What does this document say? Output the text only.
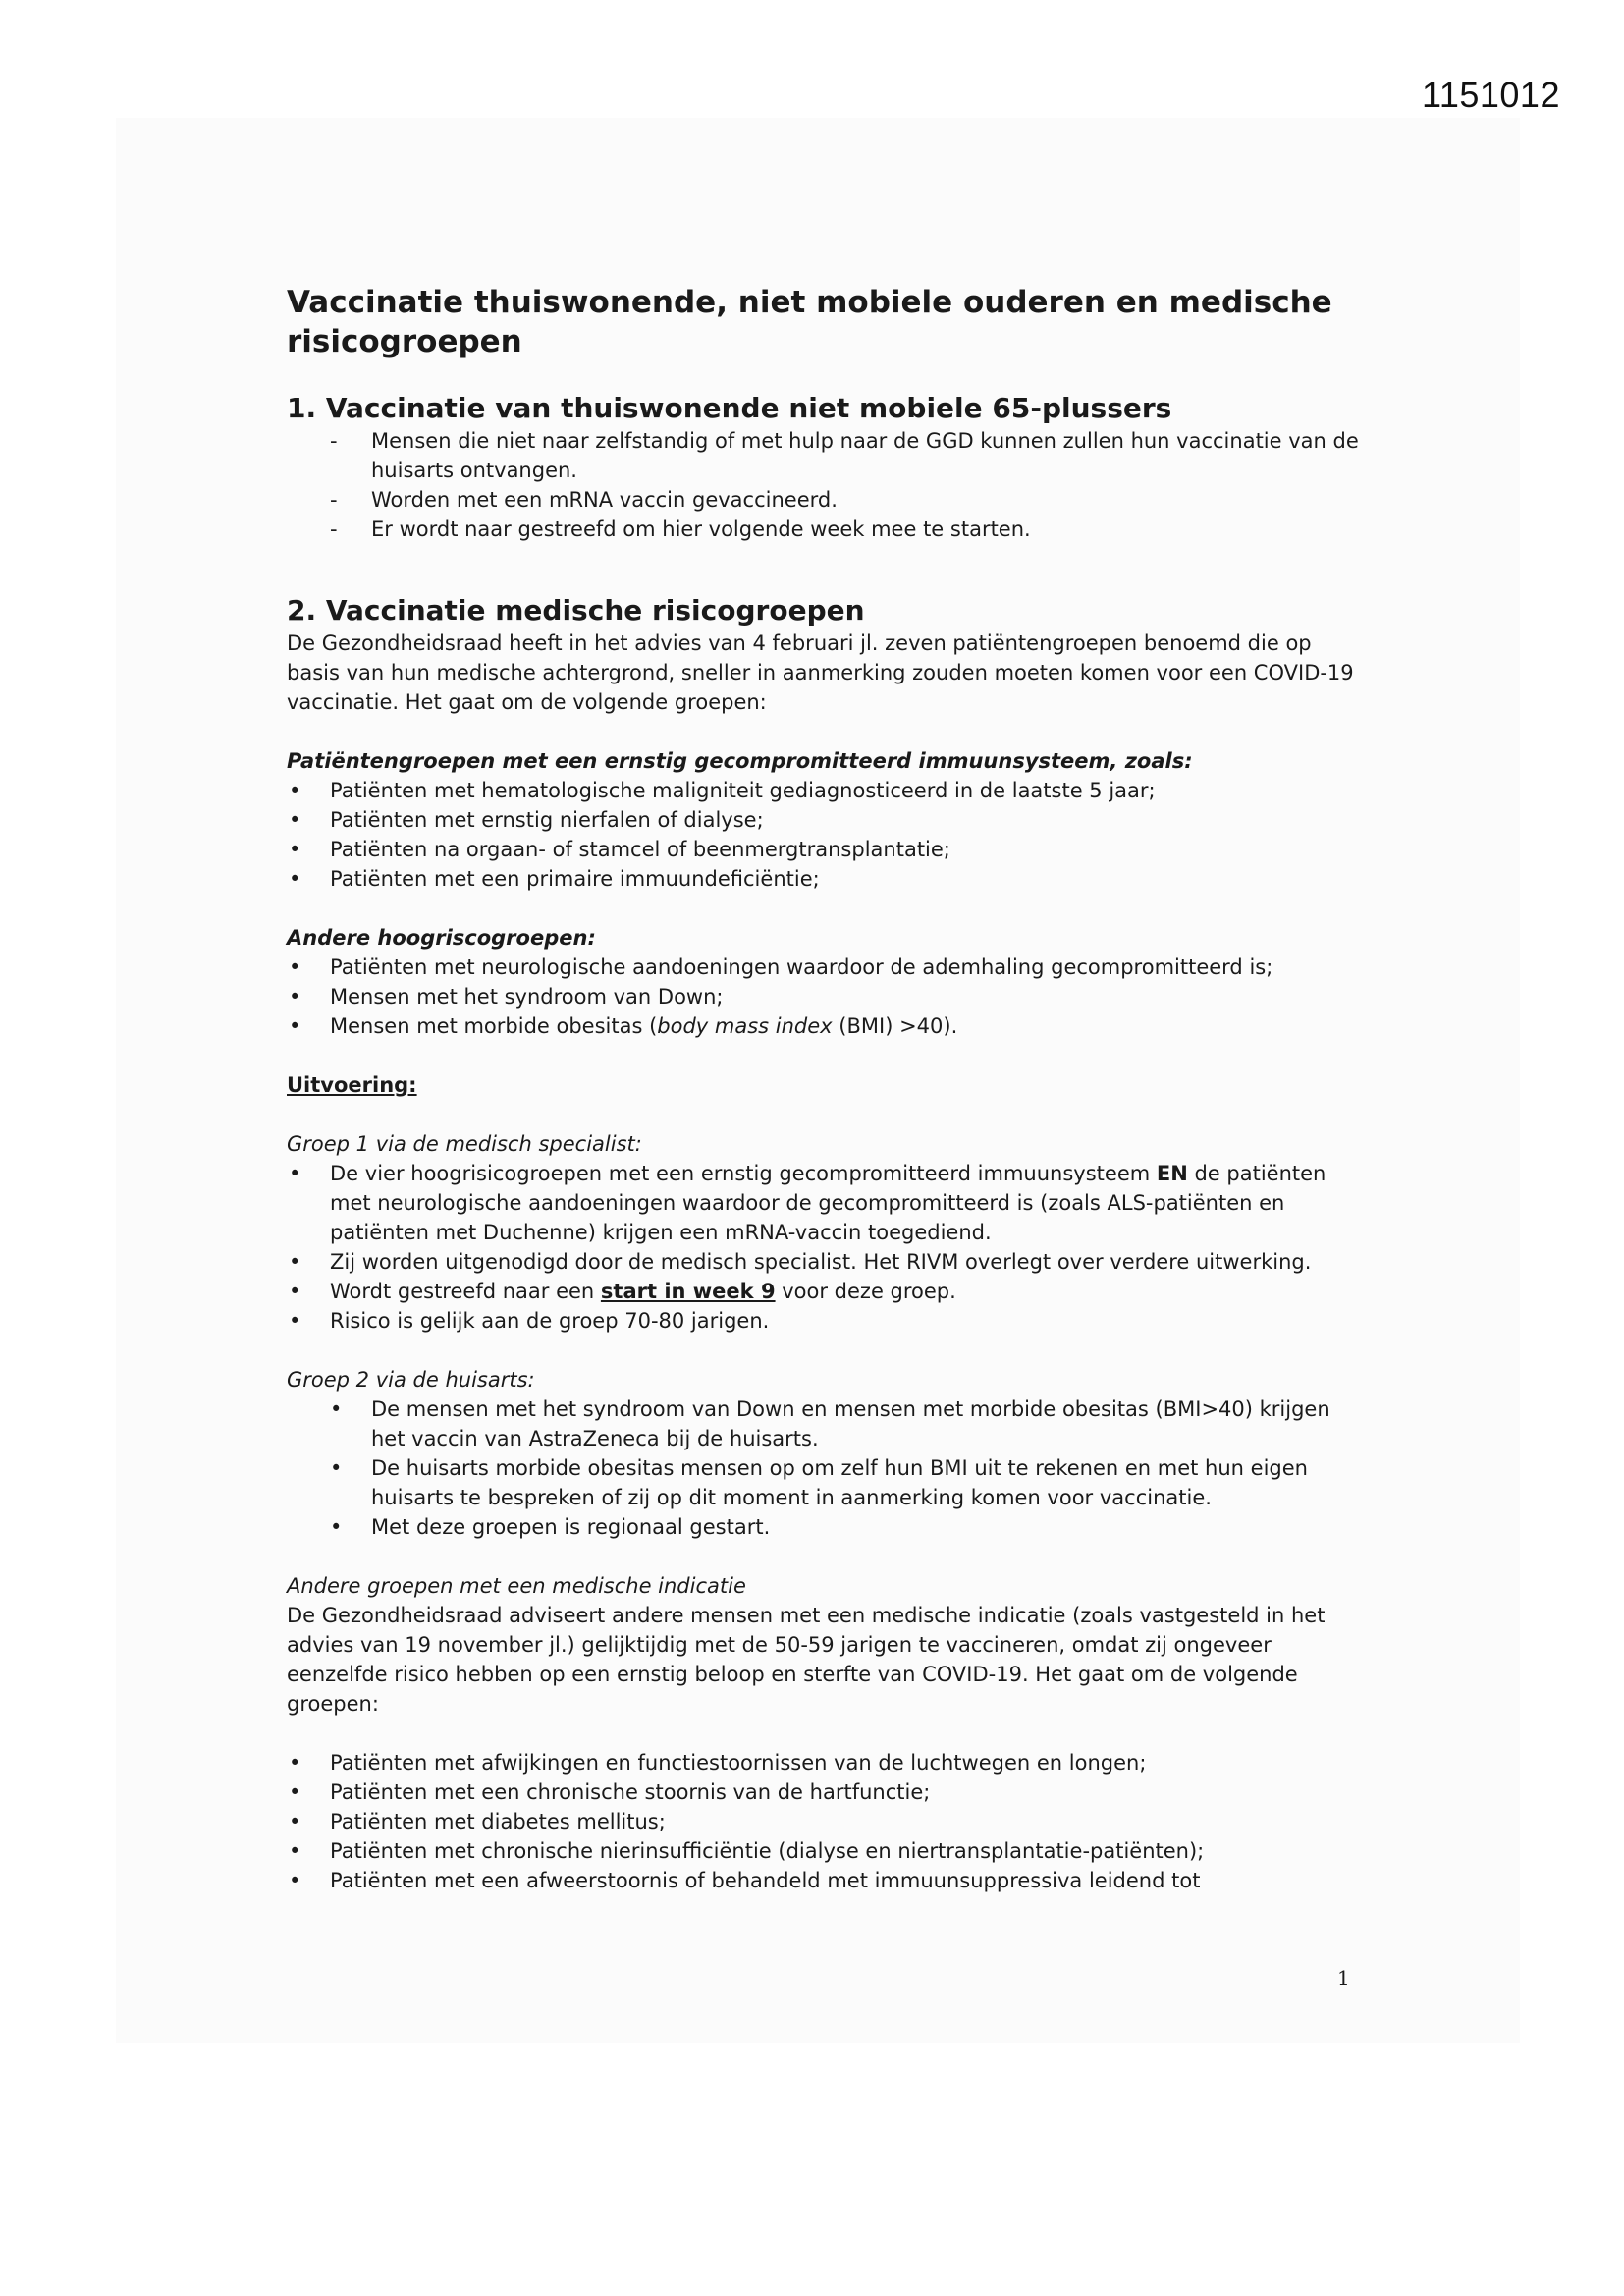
1151012
Vaccinatie thuiswonende, niet mobiele ouderen en medische risicogroepen
1. Vaccinatie van thuiswonende niet mobiele 65-plussers
- Mensen die niet naar zelfstandig of met hulp naar de GGD kunnen zullen hun vaccinatie van de huisarts ontvangen.
- Worden met een mRNA vaccin gevaccineerd.
- Er wordt naar gestreefd om hier volgende week mee te starten.
2. Vaccinatie medische risicogroepen

De Gezondheidsraad heeft in het advies van 4 februari jl. zeven patiëntengroepen benoemd die op basis van hun medische achtergrond, sneller in aanmerking zouden moeten komen voor een COVID-19 vaccinatie. Het gaat om de volgende groepen:

Patiëntengroepen met een ernstig gecompromitteerd immuunsysteem, zoals:

• Patiënten met hematologische maligniteit gediagnosticeerd in de laatste 5 jaar;
• Patiënten met ernstig nierfalen of dialyse;
• Patiënten na orgaan- of stamcel of beenmergtransplantatie;
• Patiënten met een primaire immuundeficiëntie;

Andere hoogriscogroepen:

• Patiënten met neurologische aandoeningen waardoor de ademhaling gecompromitteerd is;
• Mensen met het syndroom van Down;
• Mensen met morbide obesitas (body mass index (BMI) >40).

Uitvoering:

Groep 1 via de medisch specialist:

• De vier hoogrisicogroepen met een ernstig gecompromitteerd immuunsysteem EN de patiënten met neurologische aandoeningen waardoor de gecompromitteerd is (zoals ALS-patiënten en patiënten met Duchenne) krijgen een mRNA-vaccin toegediend.
• Zij worden uitgenodigd door de medisch specialist. Het RIVM overlegt over verdere uitwerking.
• Wordt gestreefd naar een start in week 9 voor deze groep.
• Risico is gelijk aan de groep 70-80 jarigen.

Groep 2 via de huisarts:

• De mensen met het syndroom van Down en mensen met morbide obesitas (BMI>40) krijgen het vaccin van AstraZeneca bij de huisarts.
• De huisarts morbide obesitas mensen op om zelf hun BMI uit te rekenen en met hun eigen huisarts te bespreken of zij op dit moment in aanmerking komen voor vaccinatie.
• Met deze groepen is regionaal gestart.

Andere groepen met een medische indicatie

De Gezondheidsraad adviseert andere mensen met een medische indicatie (zoals vastgesteld in het advies van 19 november jl.) gelijktijdig met de 50-59 jarigen te vaccineren, omdat zij ongeveer eenzelfde risico hebben op een ernstig beloop en sterfte van COVID-19. Het gaat om de volgende groepen:

• Patiënten met afwijkingen en functiestoornissen van de luchtwegen en longen;
• Patiënten met een chronische stoornis van de hartfunctie;
• Patiënten met diabetes mellitus;
• Patiënten met chronische nierinsufficiëntie (dialyse en niertransplantatie-patiënten);
• Patiënten met een afweerstoornis of behandeld met immuunsuppressiva leidend tot
1
